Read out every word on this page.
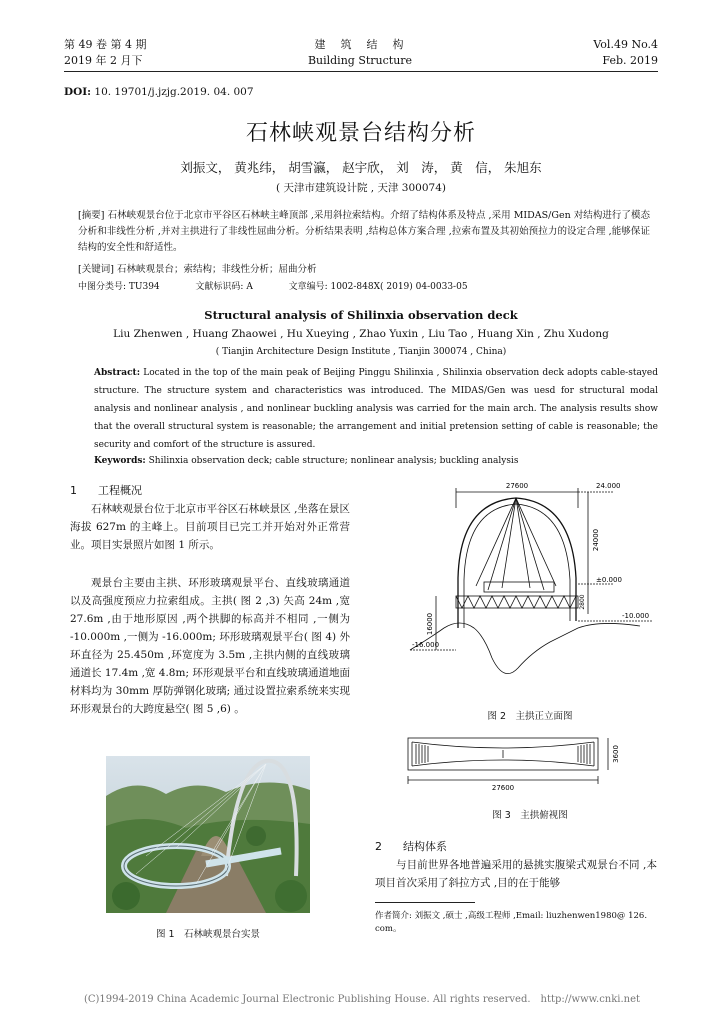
第 49 卷 第 4 期
2019 年 2 月下
建　筑　结　构
Building Structure
Vol.49 No.4
Feb. 2019
DOI: 10. 19701/j.jzjg.2019. 04. 007
石林峡观景台结构分析
刘振文， 黄兆纬， 胡雪瀛， 赵宇欣， 刘　涛， 黄　信， 朱旭东
( 天津市建筑设计院 , 天津 300074)
[摘要] 石林峡观景台位于北京市平谷区石林峡主峰顶部 ,采用斜拉索结构。介绍了结构体系及特点 ,采用 MIDAS/Gen 对结构进行了模态分析和非线性分析 ,并对主拱进行了非线性屈曲分析。分析结果表明 ,结构总体方案合理 ,拉索布置及其初始预拉力的设定合理 ,能够保证结构的安全性和舒适性。
[关键词] 石林峡观景台；索结构；非线性分析；屈曲分析
中图分类号: TU394	文献标识码: A	文章编号: 1002-848X( 2019) 04-0033-05
Structural analysis of Shilinxia observation deck
Liu Zhenwen , Huang Zhaowei , Hu Xueying , Zhao Yuxin , Liu Tao , Huang Xin , Zhu Xudong
( Tianjin Architecture Design Institute , Tianjin 300074 , China)
Abstract: Located in the top of the main peak of Beijing Pinggu Shilinxia , Shilinxia observation deck adopts cable-stayed structure. The structure system and characteristics was introduced. The MIDAS/Gen was uesd for structural modal analysis and nonlinear analysis , and nonlinear buckling analysis was carried for the main arch. The analysis results show that the overall structural system is reasonable; the arrangement and initial pretension setting of cable is reasonable; the security and comfort of the structure is assured.
Keywords: Shilinxia observation deck; cable structure; nonlinear analysis; buckling analysis
1 工程概况
石林峡观景台位于北京市平谷区石林峡景区 ,坐落在景区海拔 627m 的主峰上。目前项目已完工并开始对外正常营业。项目实景照片如图 1 所示。
观景台主要由主拱、环形玻璃观景平台、直线玻璃通道以及高强度预应力拉索组成。主拱( 图 2 ,3) 矢高 24m ,宽 27.6m ,由于地形原因 ,两个拱脚的标高并不相同 ,一侧为 -10.000m ,一侧为 -16.000m; 环形玻璃观景平台( 图 4) 外环直径为 25.450m ,环宽度为 3.5m ,主拱内侧的直线玻璃通道长 17.4m ,宽 4.8m; 环形观景平台和直线玻璃通道地面材料均为 30mm 厚防弹钢化玻璃; 通过设置拉索系统来实现环形观景台的大跨度悬空( 图 5 ,6) 。
图 1　石林峡观景台实景
27600	24.000
24000
±0.000
2800
-10.000
16000
-16.000
图 2　主拱正立面图
3600
27600
图 3　主拱俯视图
2 结构体系
与目前世界各地普遍采用的悬挑实腹梁式观景台不同 ,本项目首次采用了斜拉方式 ,目的在于能够
作者简介: 刘振文 ,硕士 ,高级工程师 ,Email: liuzhenwen1980@ 126. com。
(C)1994-2019 China Academic Journal Electronic Publishing House. All rights reserved.　http://www.cnki.net
